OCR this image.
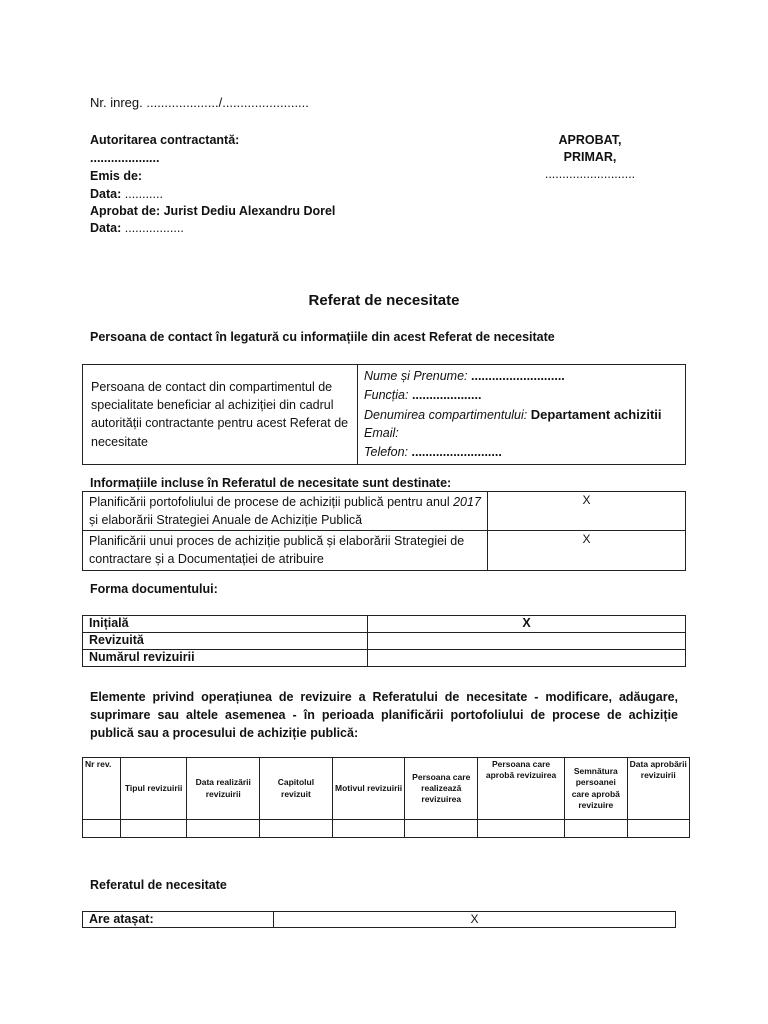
Nr. inreg. ..................../........................
Autoritarea contractantă:
....................
Emis de:
Data: ...........
Aprobat de: Jurist Dediu Alexandru Dorel
Data: .................
APROBAT,
PRIMAR,
..........................
Referat de necesitate
Persoana de contact în legatură cu informațiile din acest Referat de necesitate
Persoana de contact din compartimentul de specialitate beneficiar al achiziției din cadrul autorității contractante pentru acest Referat de necesitate	
Nume și Prenume: ...........................
Funcția: ....................
Denumirea compartimentului: Departament achizitii
Email:
Telefon: ..........................
Informațiile incluse în Referatul de necesitate sunt destinate:
Planificării portofoliului de procese de achiziții publică pentru anul 2017 și elaborării Strategiei Anuale de Achiziție Publică	X
Planificării unui proces de achiziție publică și elaborării Strategiei de contractare și a Documentației de atribuire	X
Forma documentului:
Inițială	X
Revizuită	
Numărul revizuirii	
Elemente privind operațiunea de revizuire a Referatului de necesitate - modificare, adăugare, suprimare sau altele asemenea - în perioada planificării portofoliului de procese de achiziție publică sau a procesului de achiziție publică:
Nr rev.	Tipul revizuirii	Data realizării revizuirii	Capitolul revizuit	Motivul revizuirii	Persoana care realizează revizuirea	Persoana care aprobă revizuirea	Semnătura persoanei care aprobă revizuire	Data aprobării revizuirii

Referatul de necesitate
Are atașat:	X
